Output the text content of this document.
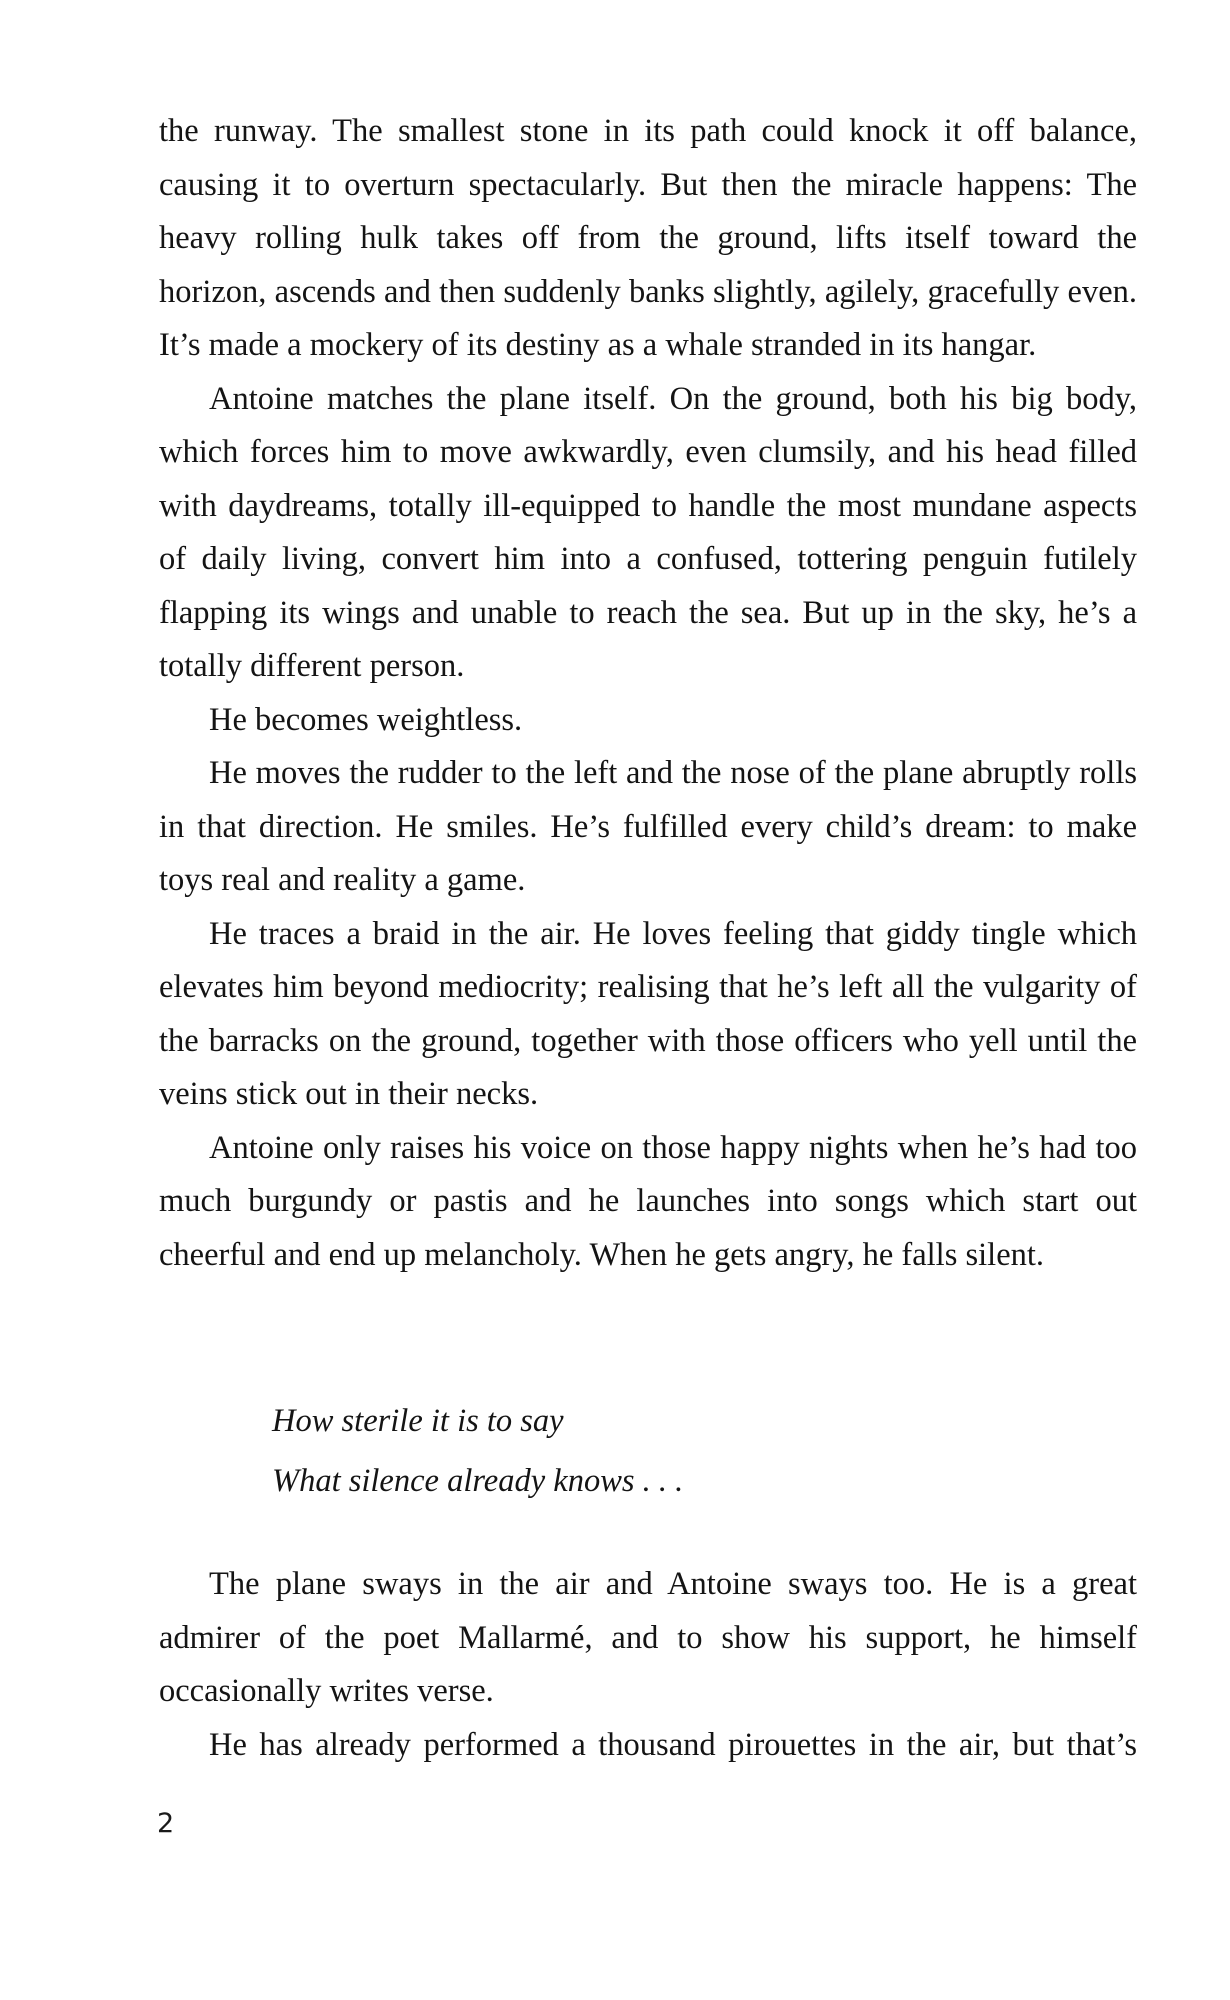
the runway. The smallest stone in its path could knock it off balance, causing it to overturn spectacularly. But then the miracle happens: The heavy rolling hulk takes off from the ground, lifts itself toward the horizon, ascends and then suddenly banks slightly, agilely, gracefully even. It’s made a mockery of its destiny as a whale stranded in its hangar.

Antoine matches the plane itself. On the ground, both his big body, which forces him to move awkwardly, even clumsily, and his head filled with daydreams, totally ill-equipped to handle the most mundane aspects of daily living, convert him into a confused, tottering penguin futilely flapping its wings and unable to reach the sea. But up in the sky, he’s a totally different person.

He becomes weightless.

He moves the rudder to the left and the nose of the plane abruptly rolls in that direction. He smiles. He’s fulfilled every child’s dream: to make toys real and reality a game.

He traces a braid in the air. He loves feeling that giddy tingle which elevates him beyond mediocrity; realising that he’s left all the vulgarity of the barracks on the ground, together with those officers who yell until the veins stick out in their necks.

Antoine only raises his voice on those happy nights when he’s had too much burgundy or pastis and he launches into songs which start out cheerful and end up melancholy. When he gets angry, he falls silent.

How sterile it is to say
What silence already knows . . .

The plane sways in the air and Antoine sways too. He is a great admirer of the poet Mallarmé, and to show his support, he himself occasionally writes verse.

He has already performed a thousand pirouettes in the air, but that’s

2
